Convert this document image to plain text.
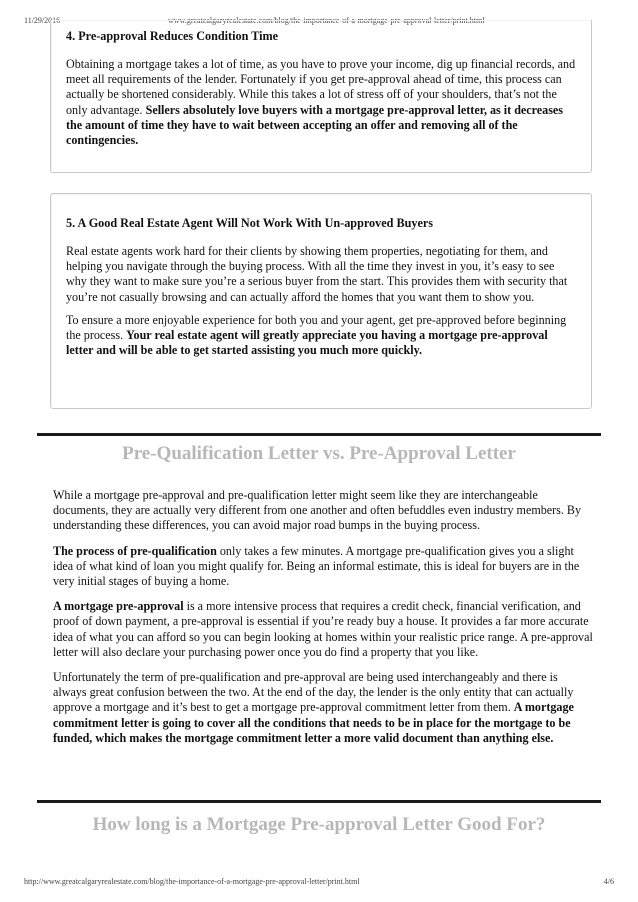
11/29/2016	www.greatcalgaryrealestate.com/blog/the-importance-of-a-mortgage-pre-approval-letter/print.html
4. Pre-approval Reduces Condition Time

Obtaining a mortgage takes a lot of time, as you have to prove your income, dig up financial records, and meet all requirements of the lender. Fortunately if you get pre-approval ahead of time, this process can actually be shortened considerably. While this takes a lot of stress off of your shoulders, that’s not the only advantage. Sellers absolutely love buyers with a mortgage pre-approval letter, as it decreases the amount of time they have to wait between accepting an offer and removing all of the contingencies.

5. A Good Real Estate Agent Will Not Work With Un-approved Buyers

Real estate agents work hard for their clients by showing them properties, negotiating for them, and helping you navigate through the buying process. With all the time they invest in you, it’s easy to see why they want to make sure you’re a serious buyer from the start. This provides them with security that you’re not casually browsing and can actually afford the homes that you want them to show you.

To ensure a more enjoyable experience for both you and your agent, get pre-approved before beginning the process. Your real estate agent will greatly appreciate you having a mortgage pre-approval letter and will be able to get started assisting you much more quickly.

Pre-Qualification Letter vs. Pre-Approval Letter

While a mortgage pre-approval and pre-qualification letter might seem like they are interchangeable documents, they are actually very different from one another and often befuddles even industry members. By understanding these differences, you can avoid major road bumps in the buying process.

The process of pre-qualification only takes a few minutes. A mortgage pre-qualification gives you a slight idea of what kind of loan you might qualify for. Being an informal estimate, this is ideal for buyers are in the very initial stages of buying a home.

A mortgage pre-approval is a more intensive process that requires a credit check, financial verification, and proof of down payment, a pre-approval is essential if you’re ready buy a house. It provides a far more accurate idea of what you can afford so you can begin looking at homes within your realistic price range. A pre-approval letter will also declare your purchasing power once you do find a property that you like.

Unfortunately the term of pre-qualification and pre-approval are being used interchangeably and there is always great confusion between the two. At the end of the day, the lender is the only entity that can actually approve a mortgage and it’s best to get a mortgage pre-approval commitment letter from them. A mortgage commitment letter is going to cover all the conditions that needs to be in place for the mortgage to be funded, which makes the mortgage commitment letter a more valid document than anything else.

How long is a Mortgage Pre-approval Letter Good For?
http://www.greatcalgaryrealestate.com/blog/the-importance-of-a-mortgage-pre-approval-letter/print.html	4/6
